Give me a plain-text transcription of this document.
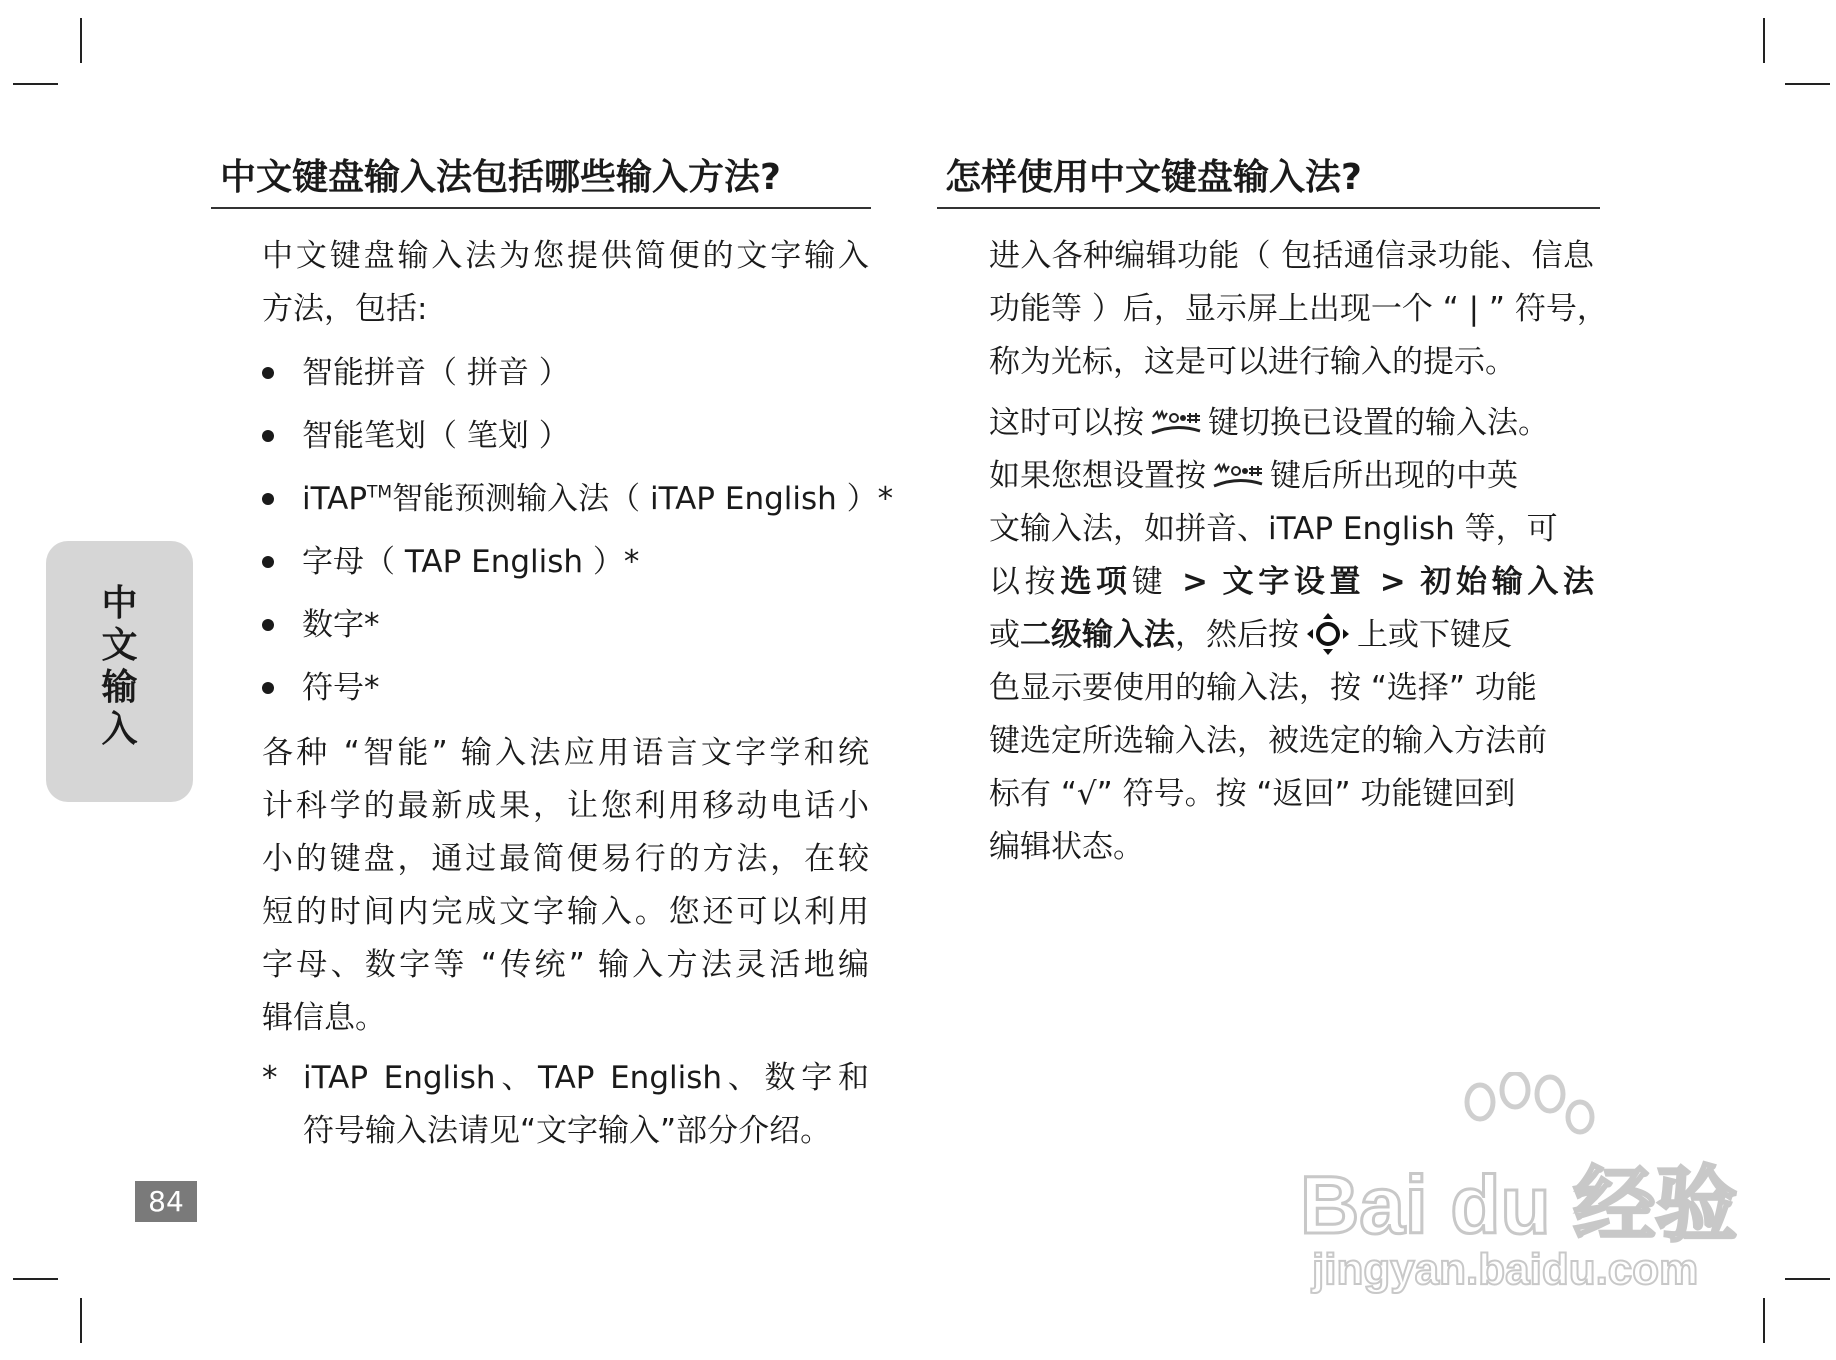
中文键盘输入法包括哪些输入方法?
中文键盘输入法为您提供简便的文字输入
方法，包括:
智能拼音（ 拼音 ）
智能笔划（ 笔划 ）
iTAP™智能预测输入法（ iTAP English ）*
字母（ TAP English ）*
数字*
符号*
各种 “智能” 输入法应用语言文字学和统
计科学的最新成果，让您利用移动电话小
小的键盘，通过最简便易行的方法，在较
短的时间内完成文字输入。您还可以利用
字母、数字等 “传统” 输入方法灵活地编
辑信息。
* iTAP English、TAP English、数字和
符号输入法请见“文字输入”部分介绍。
怎样使用中文键盘输入法?
进入各种编辑功能（ 包括通信录功能、信息
功能等 ）后，显示屏上出现一个 “ | ” 符号，
称为光标，这是可以进行输入的提示。
这时可以按 键切换已设置的输入法。
如果您想设置按 键后所出现的中英
文输入法，如拼音、iTAP English 等，可
以按选项键 > 文字设置 > 初始输入法
或二级输入法，然后按 上或下键反
色显示要使用的输入法，按 “选择” 功能
键选定所选输入法，被选定的输入方法前
标有 “√” 符号。按 “返回” 功能键回到
编辑状态。
中
文
输
入
84	Bai du 经验
jingyan.baidu.com
